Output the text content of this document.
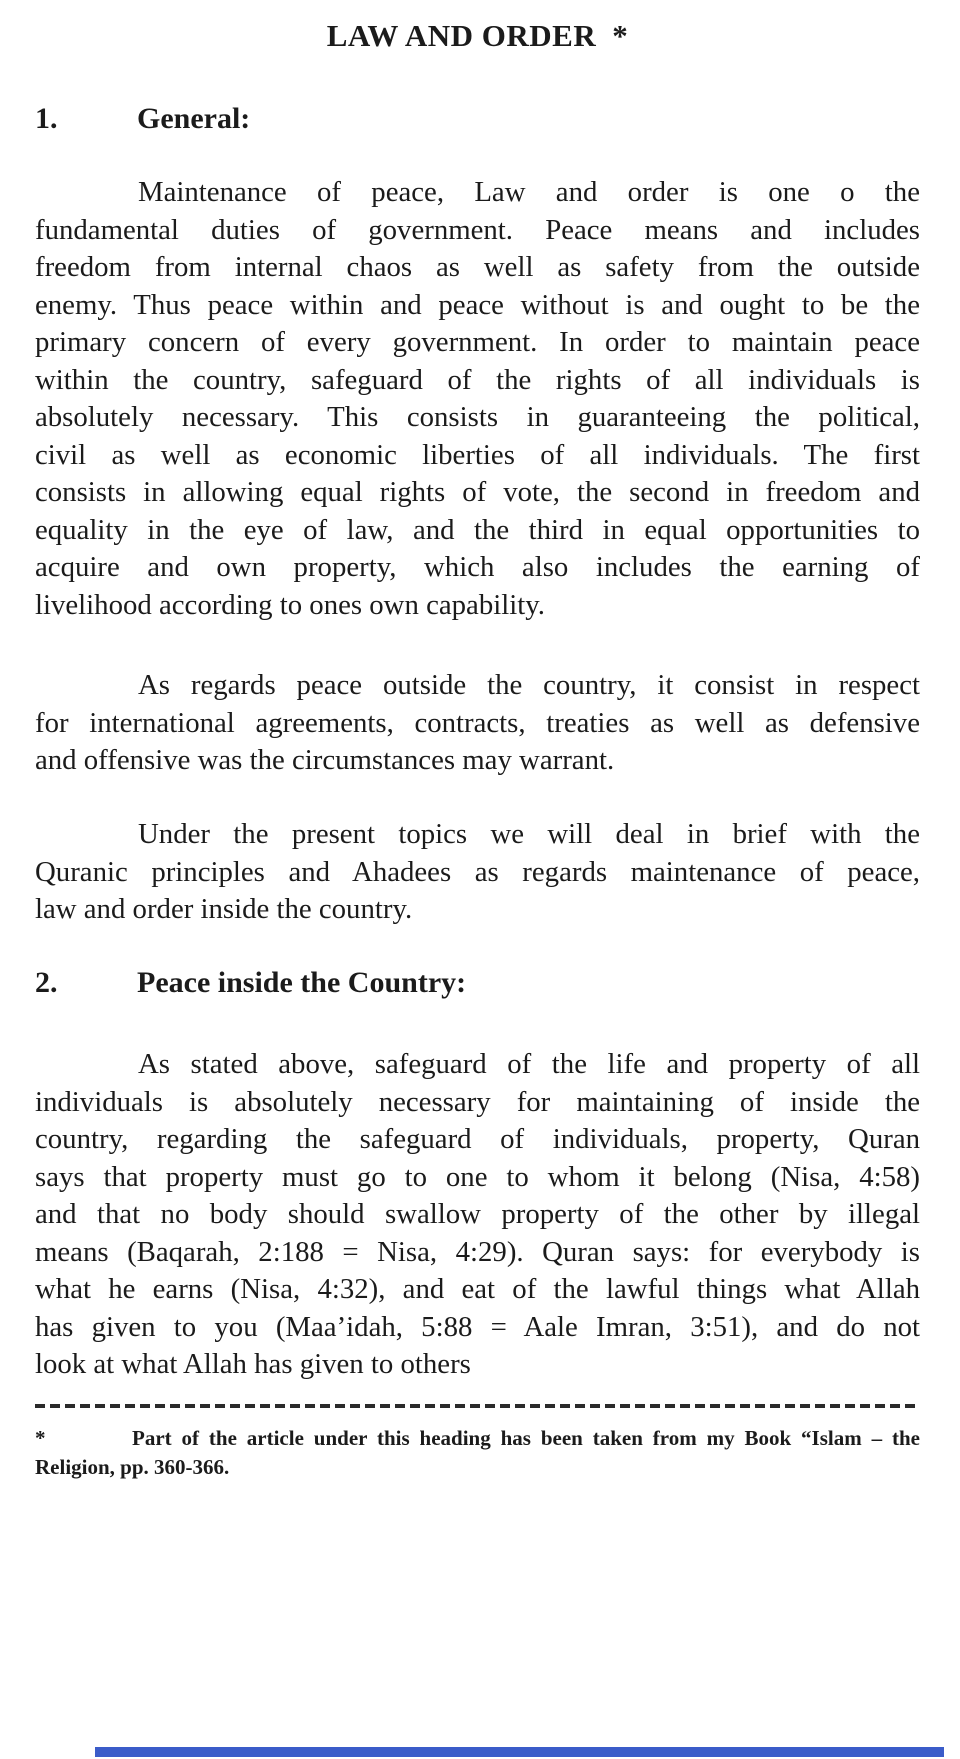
LAW AND ORDER *
1.	General:
Maintenance of peace, Law and order is one o the
fundamental duties of government. Peace means and includes
freedom from internal chaos as well as safety from the outside
enemy. Thus peace within and peace without is and ought to be the
primary concern of every government. In order to maintain peace
within the country, safeguard of the rights of all individuals is
absolutely necessary. This consists in guaranteeing the political,
civil as well as economic liberties of all individuals. The first
consists in allowing equal rights of vote, the second in freedom and
equality in the eye of law, and the third in equal opportunities to
acquire and own property, which also includes the earning of
livelihood according to ones own capability.
As regards peace outside the country, it consist in respect
for international agreements, contracts, treaties as well as defensive
and offensive was the circumstances may warrant.
Under the present topics we will deal in brief with the
Quranic principles and Ahadees as regards maintenance of peace,
law and order inside the country.
2.	Peace inside the Country:
As stated above, safeguard of the life and property of all
individuals is absolutely necessary for maintaining of inside the
country, regarding the safeguard of individuals, property, Quran
says that property must go to one to whom it belong (Nisa, 4:58)
and that no body should swallow property of the other by illegal
means (Baqarah, 2:188 = Nisa, 4:29). Quran says: for everybody is
what he earns (Nisa, 4:32), and eat of the lawful things what Allah
has given to you (Maa’idah, 5:88 = Aale Imran, 3:51), and do not
look at what Allah has given to others
*	Part of the article under this heading has been taken from my Book “Islam – the
Religion, pp. 360-366.
